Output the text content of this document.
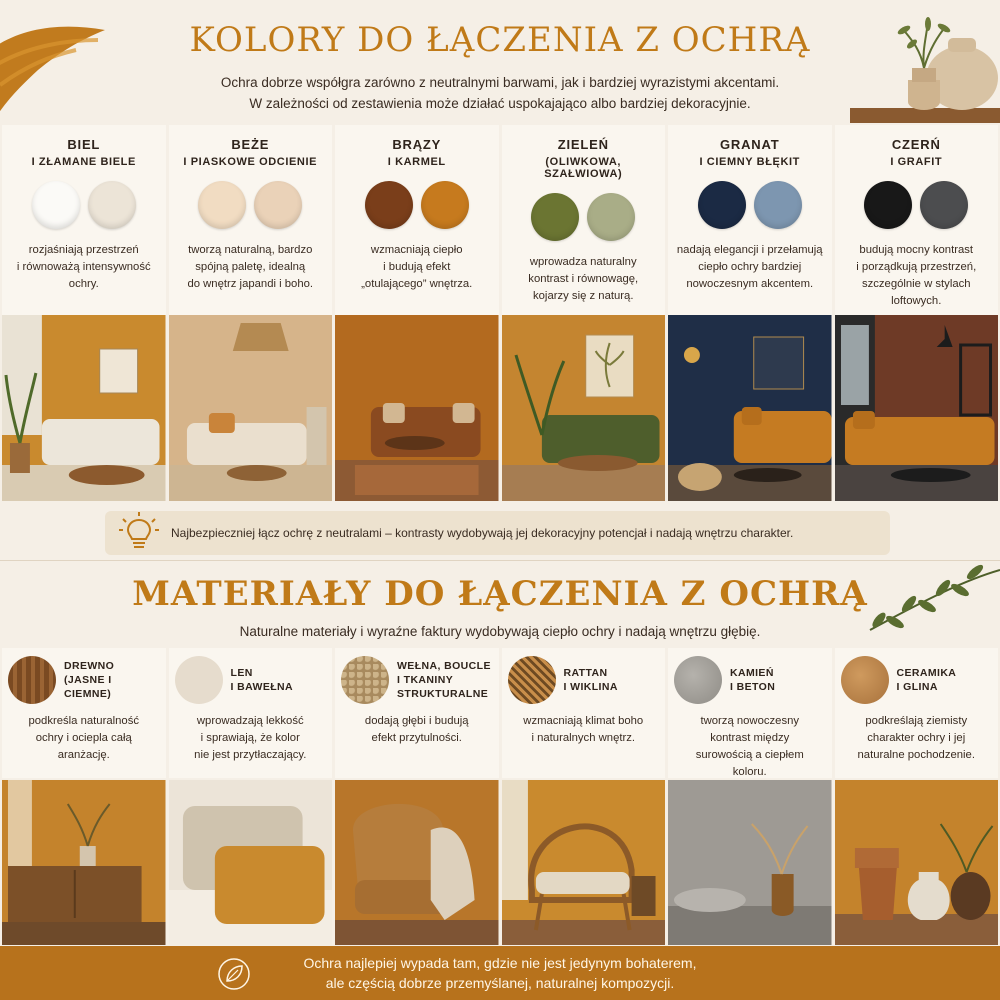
KOLORY DO ŁĄCZENIA Z OCHRĄ
Ochra dobrze współgra zarówno z neutralnymi barwami, jak i bardziej wyrazistymi akcentami.
W zależności od zestawienia może działać uspokajająco albo bardziej dekoracyjnie.
BIEL
I ZŁAMANE BIELE
rozjaśniają przestrzeń
i równoważą intensywność
ochry.
BEŻE
I PIASKOWE ODCIENIE
tworzą naturalną, bardzo
spójną paletę, idealną
do wnętrz japandi i boho.
BRĄZY
I KARMEL
wzmacniają ciepło
i budują efekt
„otulającego” wnętrza.
ZIELEŃ
(OLIWKOWA, SZAŁWIOWA)
wprowadza naturalny
kontrast i równowagę,
kojarzy się z naturą.
GRANAT
I CIEMNY BŁĘKIT
nadają elegancji i przełamują
ciepło ochry bardziej
nowoczesnym akcentem.
CZERŃ
I GRAFIT
budują mocny kontrast
i porządkują przestrzeń,
szczególnie w stylach
loftowych.
Najbezpieczniej łącz ochrę z neutralami – kontrasty wydobywają jej dekoracyjny potencjał i nadają wnętrzu charakter.
MATERIAŁY DO ŁĄCZENIA Z OCHRĄ
Naturalne materiały i wyraźne faktury wydobywają ciepło ochry i nadają wnętrzu głębię.
DREWNO
(JASNE I CIEMNE)
podkreśla naturalność
ochry i ociepla całą
aranżację.
LEN
I BAWEŁNA
wprowadzają lekkość
i sprawiają, że kolor
nie jest przytłaczający.
WEŁNA, BOUCLE
I TKANINY
STRUKTURALNE
dodają głębi i budują
efekt przytulności.
RATTAN
I WIKLINA
wzmacniają klimat boho
i naturalnych wnętrz.
KAMIEŃ
I BETON
tworzą nowoczesny
kontrast między
surowością a ciepłem
koloru.
CERAMIKA
I GLINA
podkreślają ziemisty
charakter ochry i jej
naturalne pochodzenie.
Ochra najlepiej wypada tam, gdzie nie jest jedynym bohaterem,
ale częścią dobrze przemyślanej, naturalnej kompozycji.
